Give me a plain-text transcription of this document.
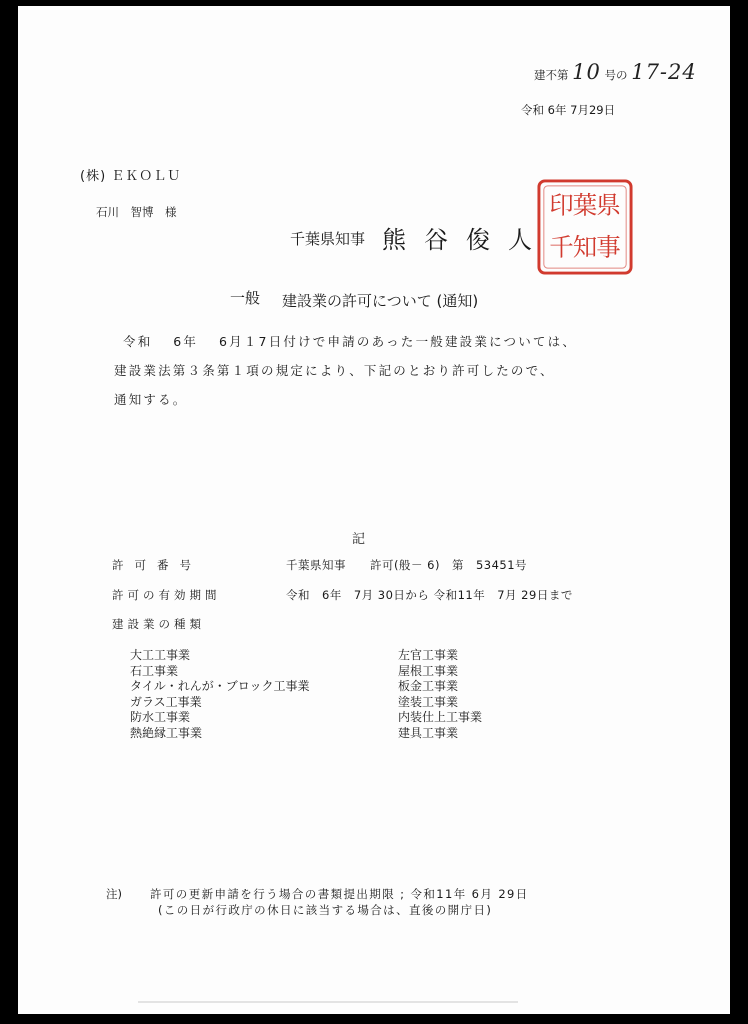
建不第 10 号の 17-24
令和 6年 7月29日
(株) ＥＫＯＬＵ
石川　智博　様
千葉県知事 熊谷俊人
県
事
葉
知
印
千
一般 建設業の許可について (通知)
令和　 6年　 6月１7日付けで申請のあった一般建設業については、
建設業法第３条第１項の規定により、下記のとおり許可したので、
通知する。
記
許可番号	千葉県知事　　許可(般－ 6)　第　53451号
許可の有効期間	令和　6年　7月 30日から 令和11年　7月 29日まで
建設業の種類
大工工事業
石工事業
タイル・れんが・ブロック工事業
ガラス工事業
防水工事業
熱絶縁工事業
左官工事業
屋根工事業
板金工事業
塗装工事業
内装仕上工事業
建具工事業
注) 許可の更新申請を行う場合の書類提出期限 ; 令和11年 6月 29日
(この日が行政庁の休日に該当する場合は、直後の開庁日)
